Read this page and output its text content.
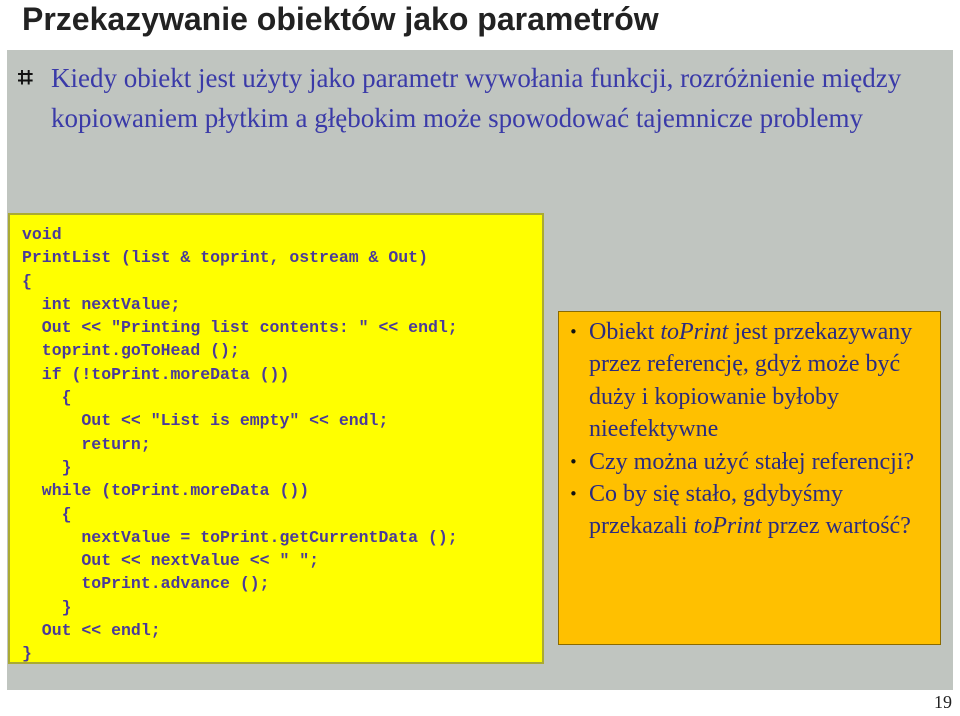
Przekazywanie obiektów jako parametrów
⌗ Kiedy obiekt jest użyty jako parametr wywołania funkcji, rozróżnienie między kopiowaniem płytkim a głębokim może spowodować tajemnicze problemy
void
PrintList (list & toprint, ostream & Out)
{
int nextValue;
Out << "Printing list contents: " << endl;
toprint.goToHead ();
if (!toPrint.moreData ())
{
Out << "List is empty" << endl;
return;
}
while (toPrint.moreData ())
{
nextValue = toPrint.getCurrentData ();
Out << nextValue << " ";
toPrint.advance ();
}
Out << endl;
}
• Obiekt toPrint jest przekazywany przez referencję, gdyż może być duży i kopiowanie byłoby nieefektywne
• Czy można użyć stałej referencji?
• Co by się stało, gdybyśmy przekazali toPrint przez wartość?
19
